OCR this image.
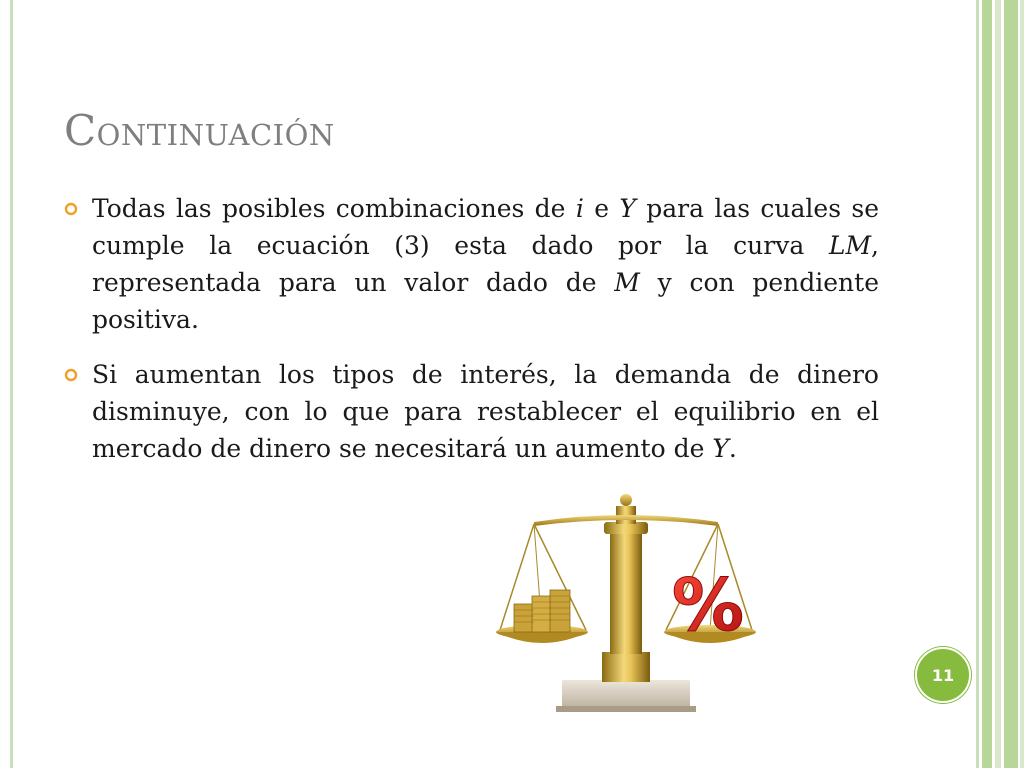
Continuación
Todas las posibles combinaciones de i e Y para las cuales se cumple la ecuación (3) esta dado por la curva LM, representada para un valor dado de M y con pendiente positiva.
Si aumentan los tipos de interés, la demanda de dinero disminuye, con lo que para restablecer el equilibrio en el mercado de dinero se necesitará un aumento de Y.
%
11
